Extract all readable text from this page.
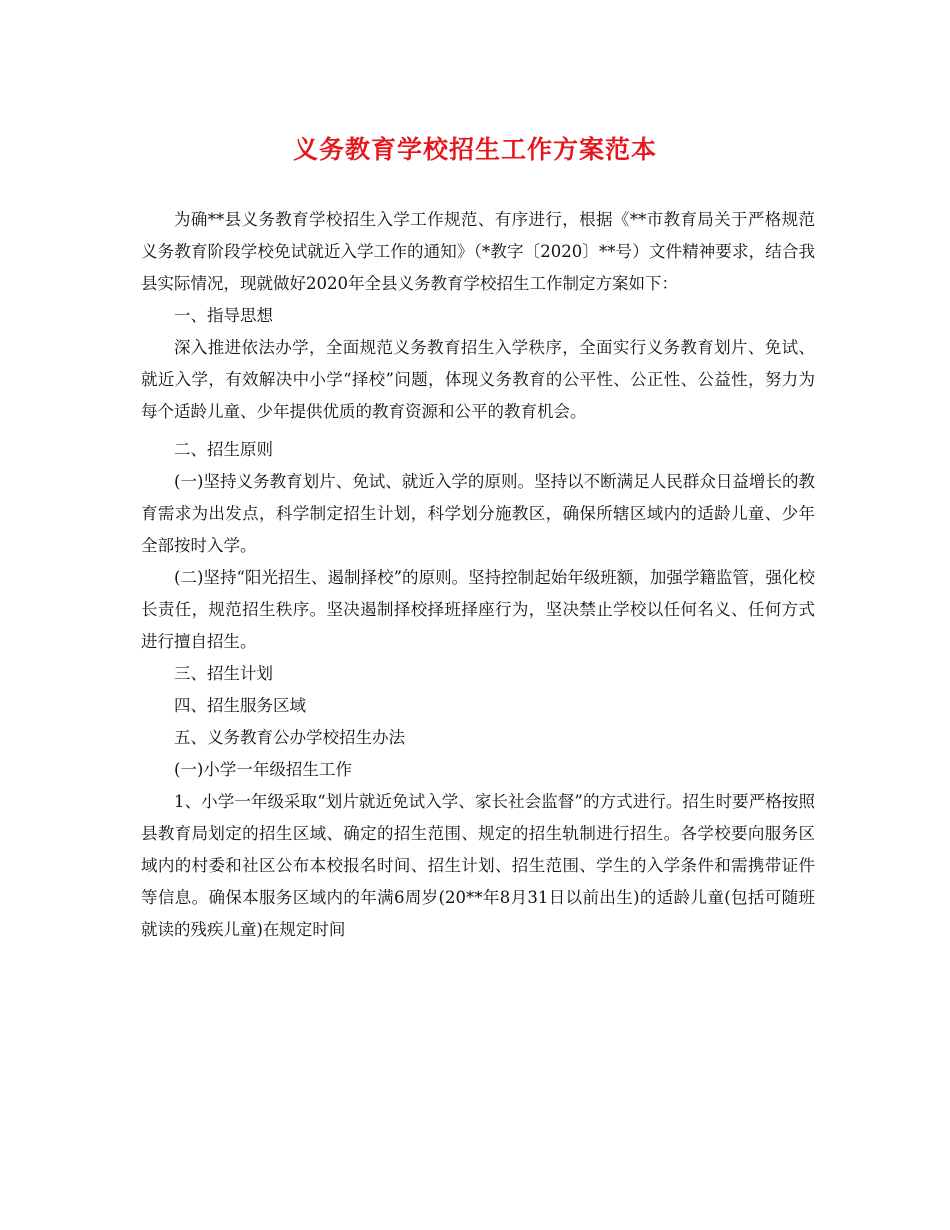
义务教育学校招生工作方案范本

为确**县义务教育学校招生入学工作规范、有序进行，根据《**市教育局关于严格规范义务教育阶段学校免试就近入学工作的通知》（*教字〔2020〕**号）文件精神要求，结合我县实际情况，现就做好2020年全县义务教育学校招生工作制定方案如下：

一、指导思想

深入推进依法办学，全面规范义务教育招生入学秩序，全面实行义务教育划片、免试、就近入学，有效解决中小学“择校”问题，体现义务教育的公平性、公正性、公益性，努力为每个适龄儿童、少年提供优质的教育资源和公平的教育机会。

二、招生原则

(一)坚持义务教育划片、免试、就近入学的原则。坚持以不断满足人民群众日益增长的教育需求为出发点，科学制定招生计划，科学划分施教区，确保所辖区域内的适龄儿童、少年全部按时入学。

(二)坚持“阳光招生、遏制择校”的原则。坚持控制起始年级班额，加强学籍监管，强化校长责任，规范招生秩序。坚决遏制择校择班择座行为，坚决禁止学校以任何名义、任何方式进行擅自招生。

三、招生计划

四、招生服务区域

五、义务教育公办学校招生办法

(一)小学一年级招生工作

1、小学一年级采取“划片就近免试入学、家长社会监督”的方式进行。招生时要严格按照县教育局划定的招生区域、确定的招生范围、规定的招生轨制进行招生。各学校要向服务区域内的村委和社区公布本校报名时间、招生计划、招生范围、学生的入学条件和需携带证件等信息。确保本服务区域内的年满6周岁(20**年8月31日以前出生)的适龄儿童(包括可随班就读的残疾儿童)在规定时间
